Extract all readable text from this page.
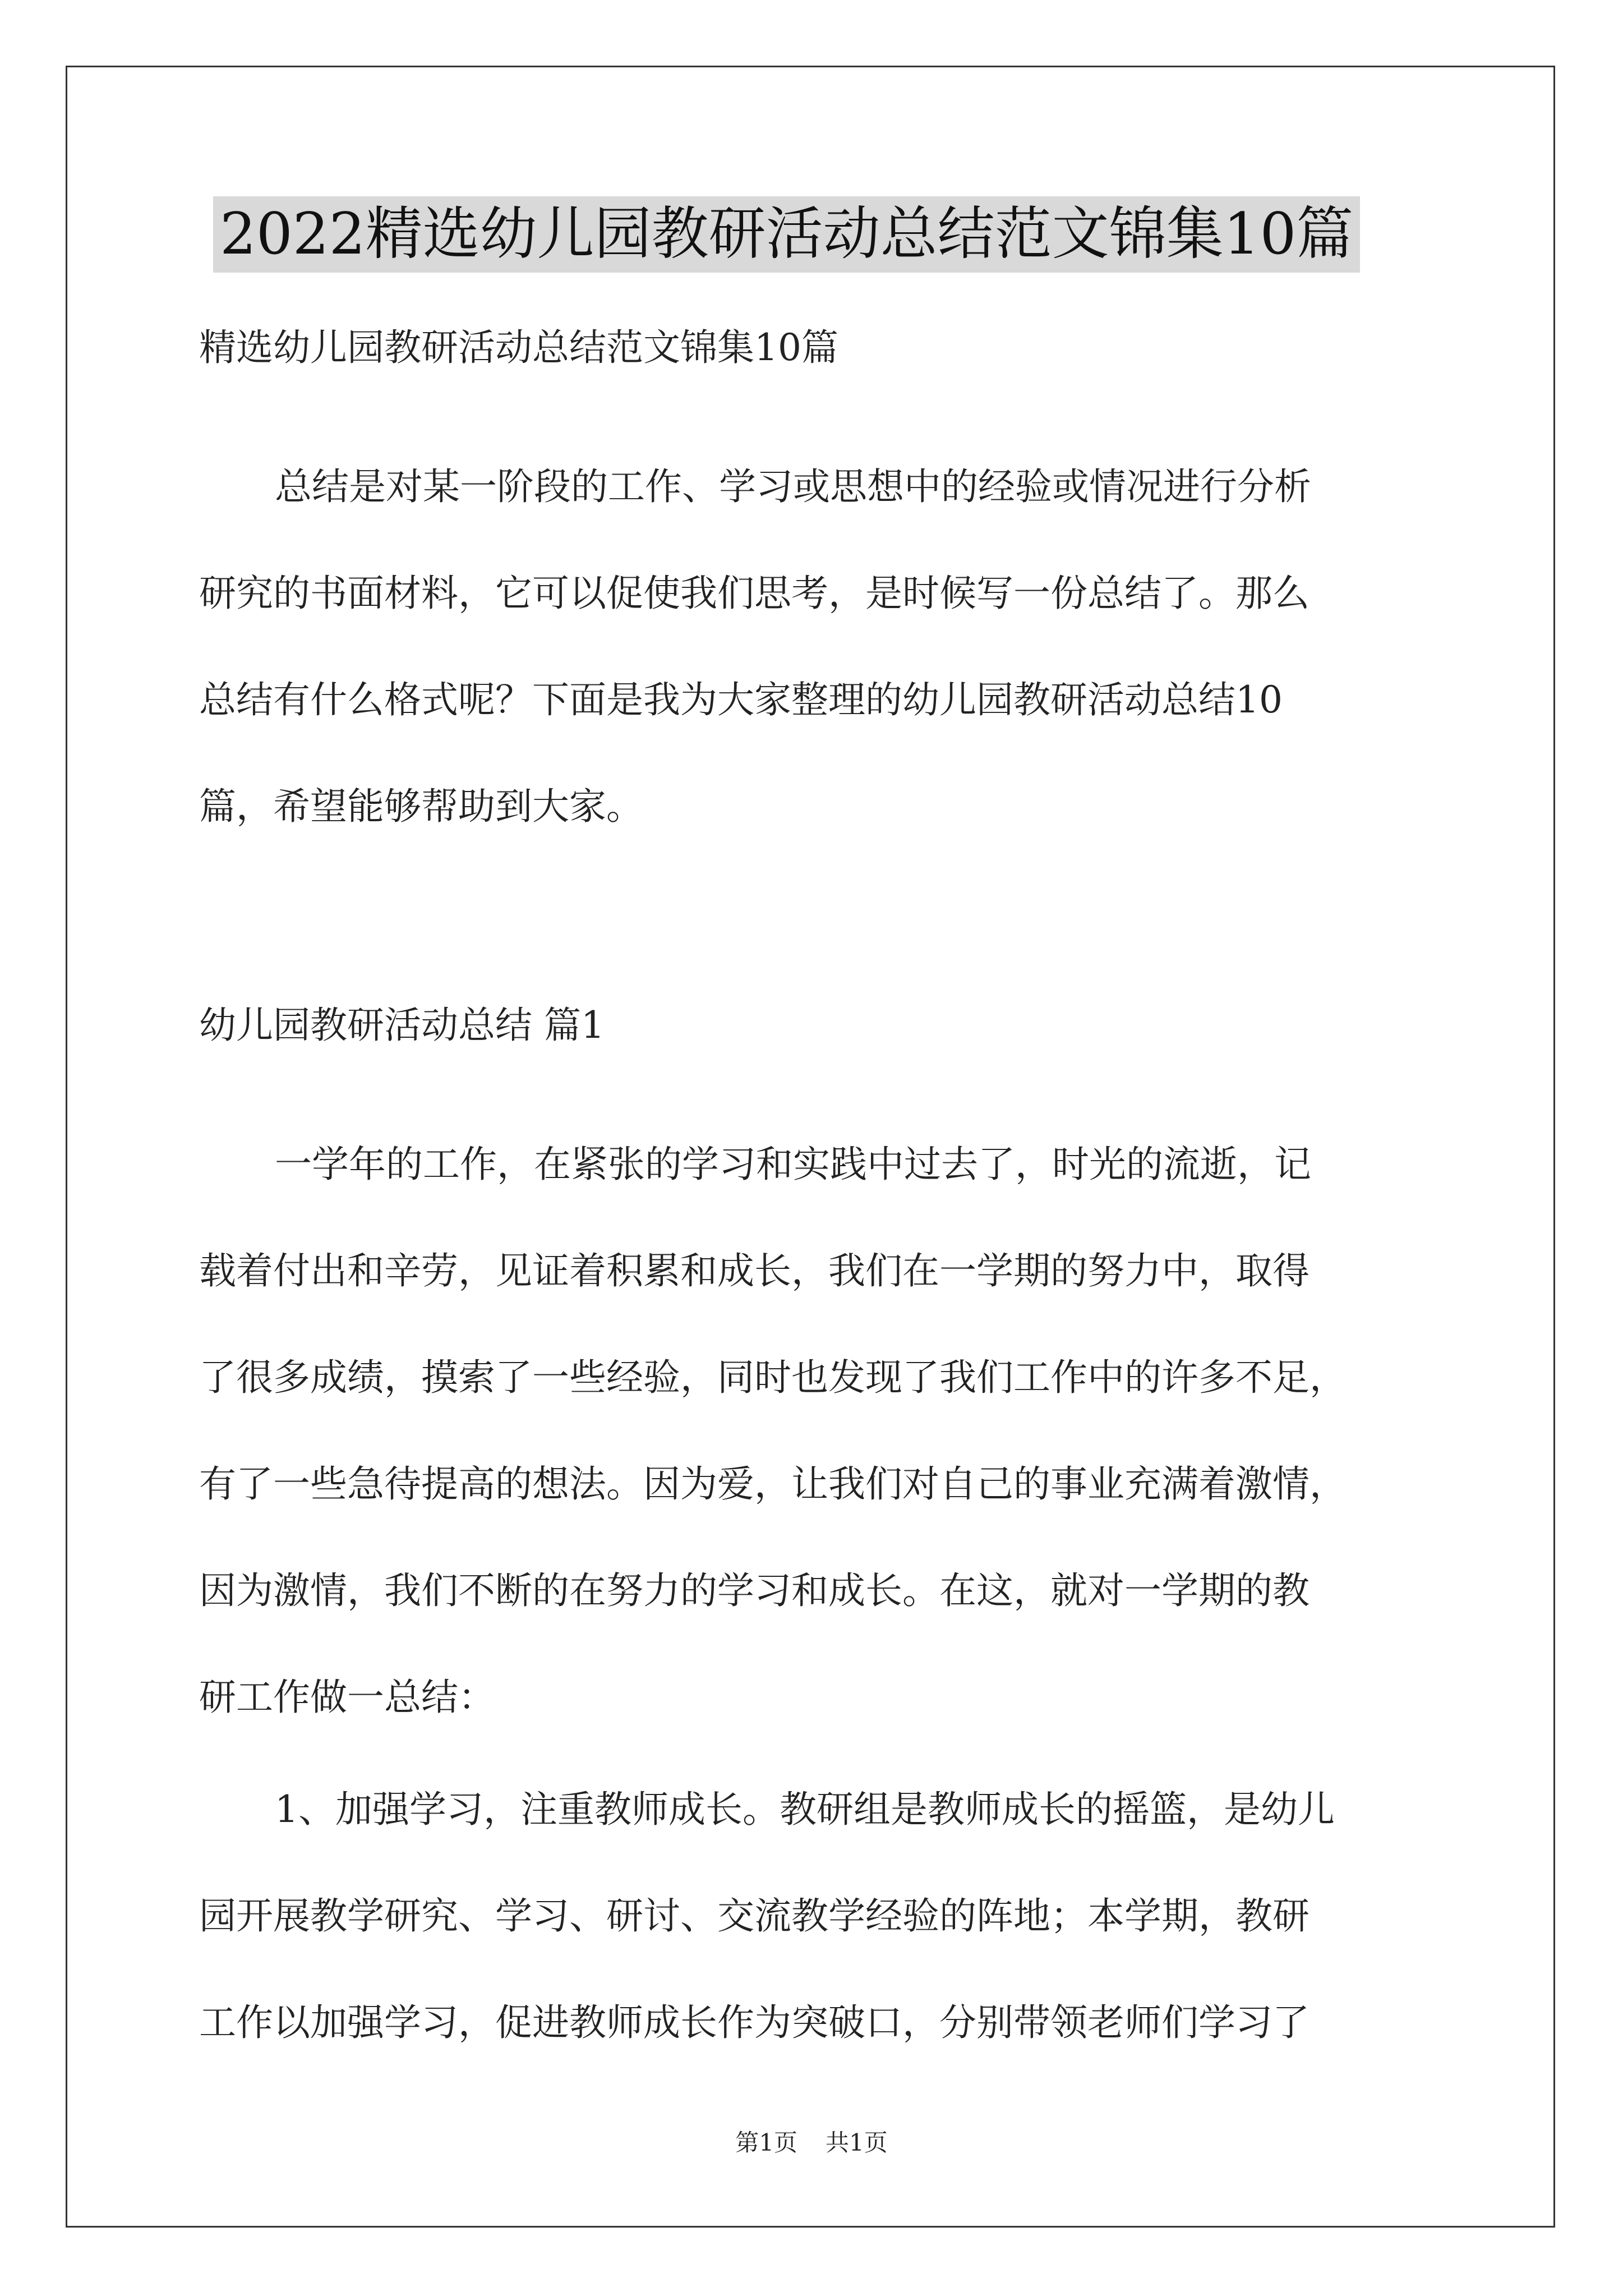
2022精选幼儿园教研活动总结范文锦集10篇
精选幼儿园教研活动总结范文锦集10篇
总结是对某一阶段的工作、学习或思想中的经验或情况进行分析
研究的书面材料，它可以促使我们思考，是时候写一份总结了。那么
总结有什么格式呢？下面是我为大家整理的幼儿园教研活动总结10
篇，希望能够帮助到大家。
幼儿园教研活动总结 篇1
一学年的工作，在紧张的学习和实践中过去了，时光的流逝，记
载着付出和辛劳，见证着积累和成长，我们在一学期的努力中，取得
了很多成绩，摸索了一些经验，同时也发现了我们工作中的许多不足，
有了一些急待提高的想法。因为爱，让我们对自己的事业充满着激情，
因为激情，我们不断的在努力的学习和成长。在这，就对一学期的教
研工作做一总结：
1、加强学习，注重教师成长。教研组是教师成长的摇篮，是幼儿
园开展教学研究、学习、研讨、交流教学经验的阵地；本学期，教研
工作以加强学习，促进教师成长作为突破口，分别带领老师们学习了
第1页 共1页
